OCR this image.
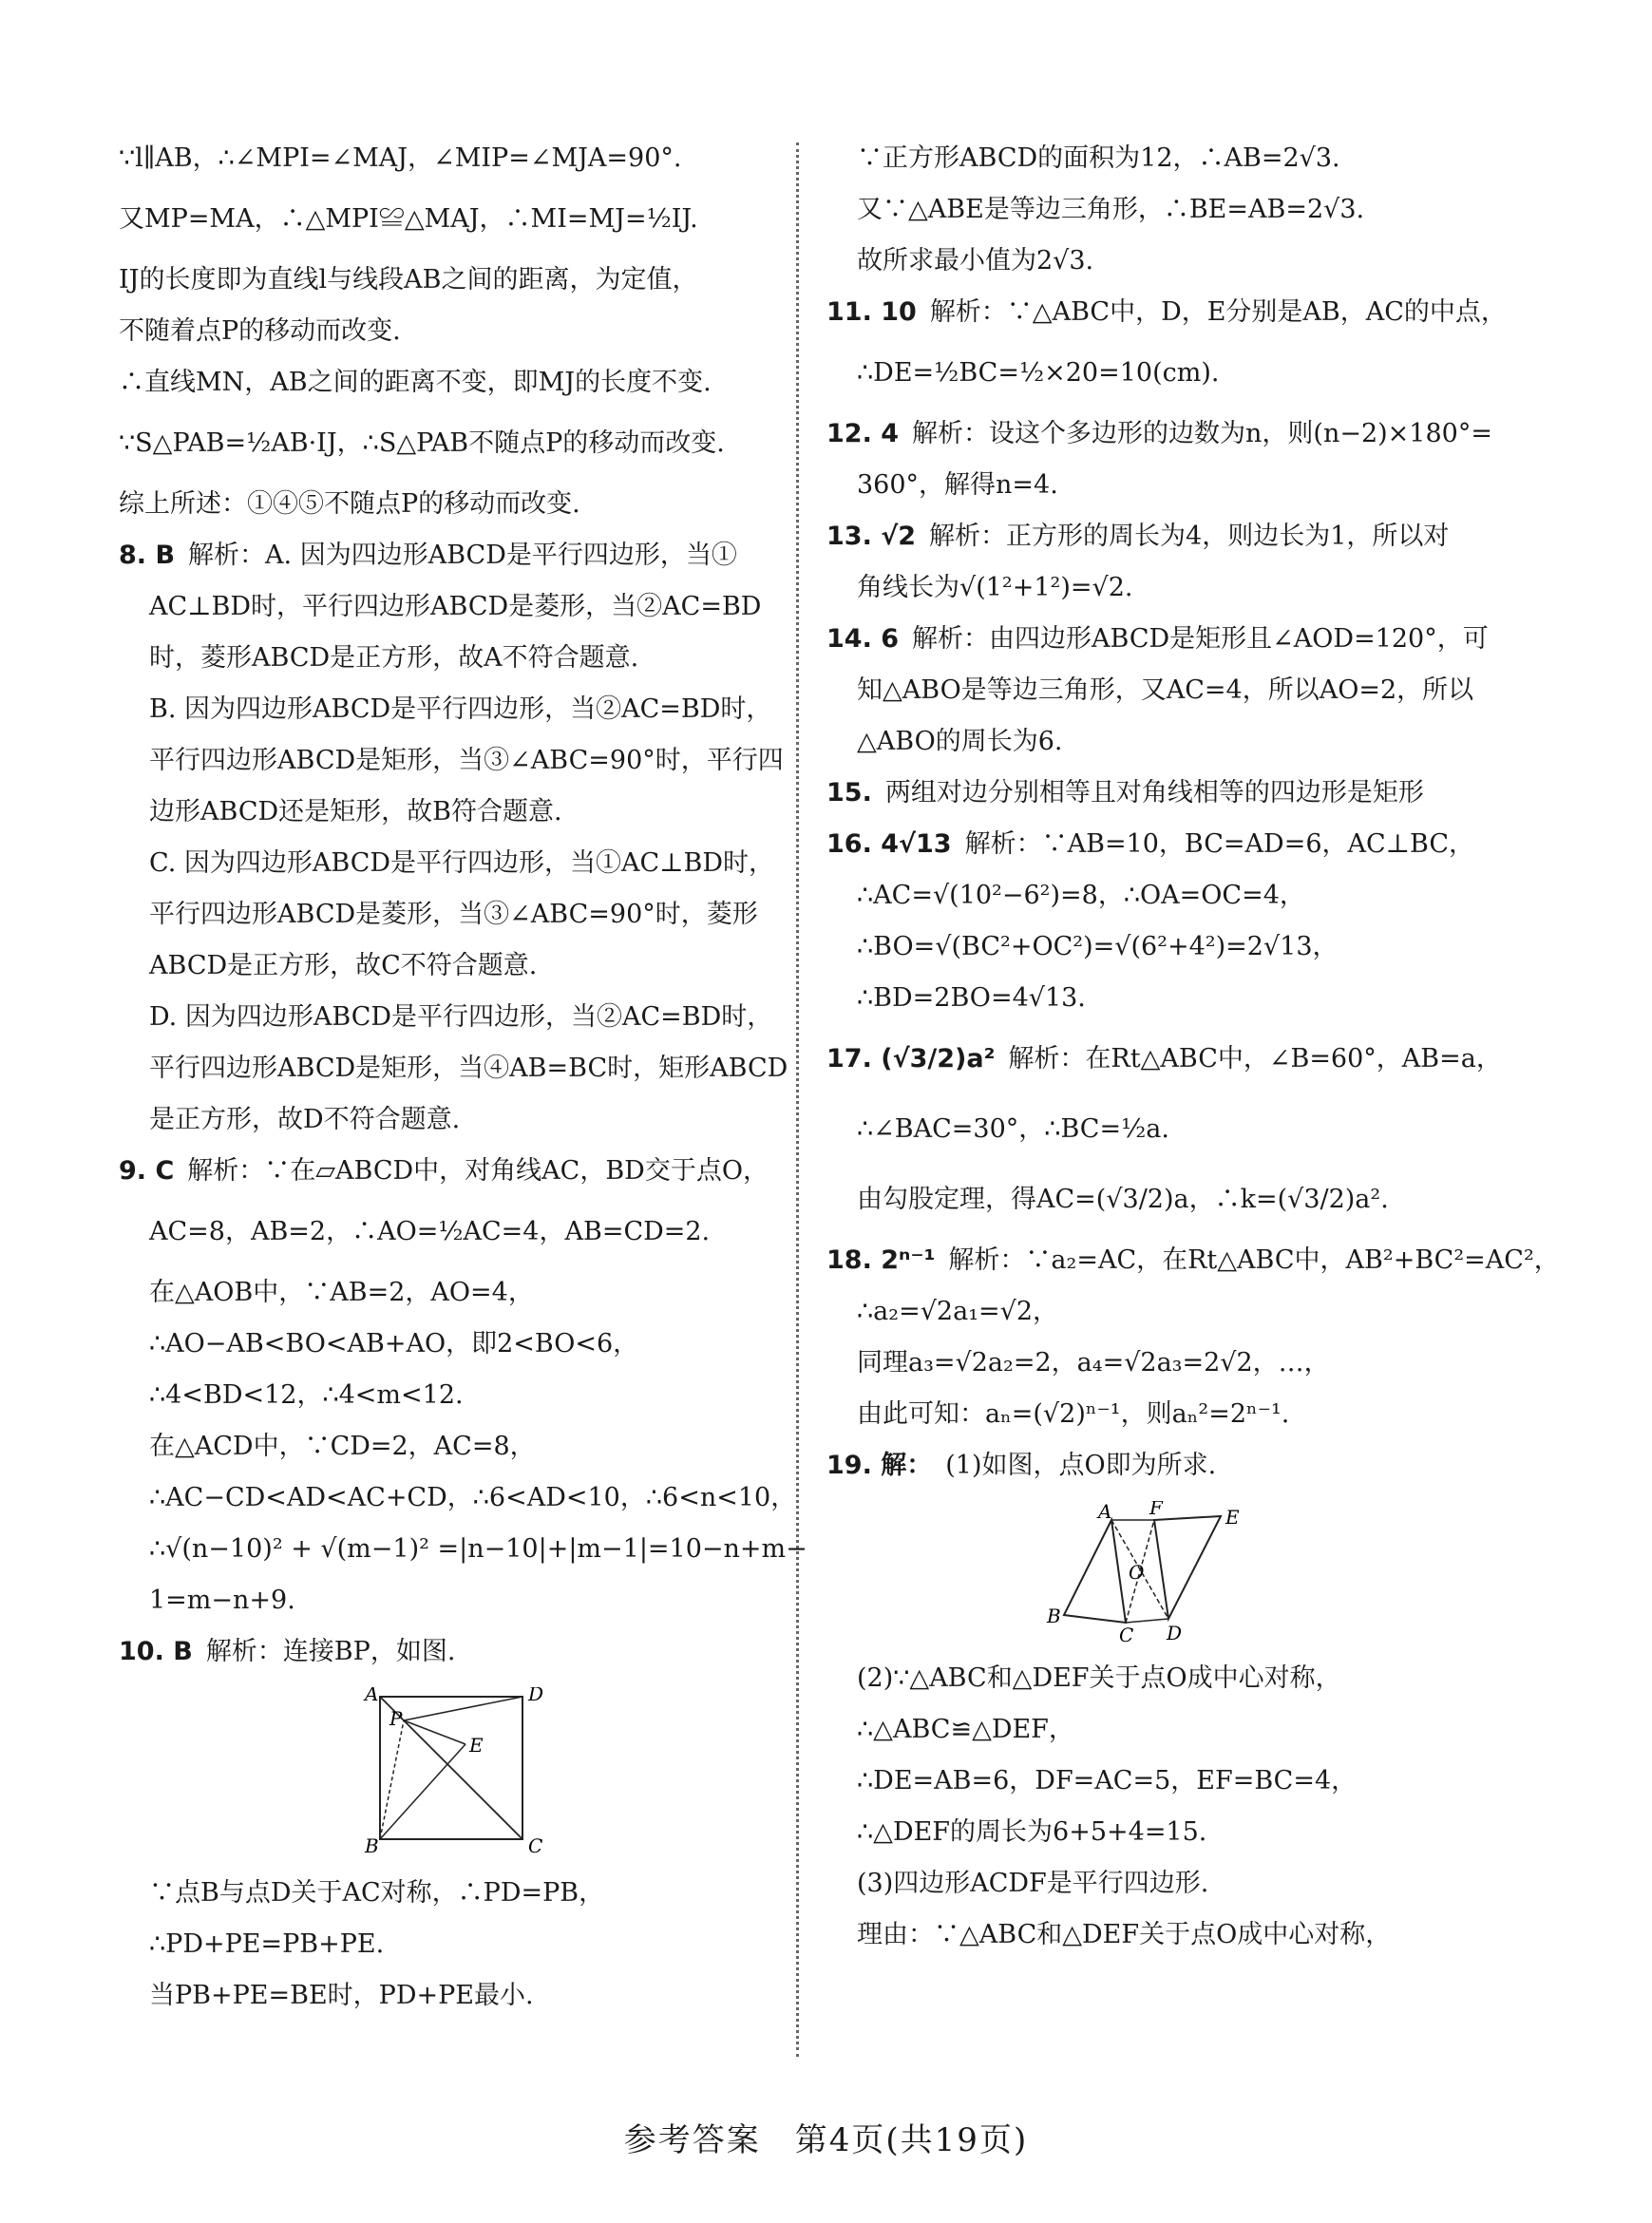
∵l∥AB，∴∠MPI=∠MAJ，∠MIP=∠MJA=90°.
又MP=MA，∴△MPI≌△MAJ，∴MI=MJ=½IJ.
IJ的长度即为直线l与线段AB之间的距离，为定值，
不随着点P的移动而改变.
∴直线MN，AB之间的距离不变，即MJ的长度不变.
∵S△PAB=½AB·IJ，∴S△PAB不随点P的移动而改变.
综上所述：①④⑤不随点P的移动而改变.
8. B 解析：A. 因为四边形ABCD是平行四边形，当①
AC⊥BD时，平行四边形ABCD是菱形，当②AC=BD
时，菱形ABCD是正方形，故A不符合题意.
B. 因为四边形ABCD是平行四边形，当②AC=BD时，
平行四边形ABCD是矩形，当③∠ABC=90°时，平行四
边形ABCD还是矩形，故B符合题意.
C. 因为四边形ABCD是平行四边形，当①AC⊥BD时，
平行四边形ABCD是菱形，当③∠ABC=90°时，菱形
ABCD是正方形，故C不符合题意.
D. 因为四边形ABCD是平行四边形，当②AC=BD时，
平行四边形ABCD是矩形，当④AB=BC时，矩形ABCD
是正方形，故D不符合题意.
9. C 解析：∵在▱ABCD中，对角线AC，BD交于点O，
AC=8，AB=2，∴AO=½AC=4，AB=CD=2.
在△AOB中，∵AB=2，AO=4，
∴AO−AB<BO<AB+AO，即2<BO<6，
∴4<BD<12，∴4<m<12.
在△ACD中，∵CD=2，AC=8，
∴AC−CD<AD<AC+CD，∴6<AD<10，∴6<n<10，
∴√(n−10)² + √(m−1)² =|n−10|+|m−1|=10−n+m−
1=m−n+9.
10. B 解析：连接BP，如图.
A	D
P
E
B	C
∵点B与点D关于AC对称，∴PD=PB，
∴PD+PE=PB+PE.
当PB+PE=BE时，PD+PE最小.
∵正方形ABCD的面积为12，∴AB=2√3.
又∵△ABE是等边三角形，∴BE=AB=2√3.
故所求最小值为2√3.
11. 10 解析：∵△ABC中，D，E分别是AB，AC的中点，
∴DE=½BC=½×20=10(cm).
12. 4 解析：设这个多边形的边数为n，则(n−2)×180°=
360°，解得n=4.
13. √2 解析：正方形的周长为4，则边长为1，所以对
角线长为√(1²+1²)=√2.
14. 6 解析：由四边形ABCD是矩形且∠AOD=120°，可
知△ABO是等边三角形，又AC=4，所以AO=2，所以
△ABO的周长为6.
15. 两组对边分别相等且对角线相等的四边形是矩形
16. 4√13 解析：∵AB=10，BC=AD=6，AC⊥BC，
∴AC=√(10²−6²)=8，∴OA=OC=4，
∴BO=√(BC²+OC²)=√(6²+4²)=2√13，
∴BD=2BO=4√13.
17. (√3/2)a² 解析：在Rt△ABC中，∠B=60°，AB=a，
∴∠BAC=30°，∴BC=½a.
由勾股定理，得AC=(√3/2)a，∴k=(√3/2)a².
18. 2ⁿ⁻¹ 解析：∵a₂=AC，在Rt△ABC中，AB²+BC²=AC²，
∴a₂=√2a₁=√2，
同理a₃=√2a₂=2，a₄=√2a₃=2√2，…，
由此可知：aₙ=(√2)ⁿ⁻¹，则aₙ²=2ⁿ⁻¹.
19. 解： (1)如图，点O即为所求.
A F	E
O
B
C D
(2)∵△ABC和△DEF关于点O成中心对称，
∴△ABC≌△DEF，
∴DE=AB=6，DF=AC=5，EF=BC=4，
∴△DEF的周长为6+5+4=15.
(3)四边形ACDF是平行四边形.
理由：∵△ABC和△DEF关于点O成中心对称，
参考答案　第4页(共19页)
